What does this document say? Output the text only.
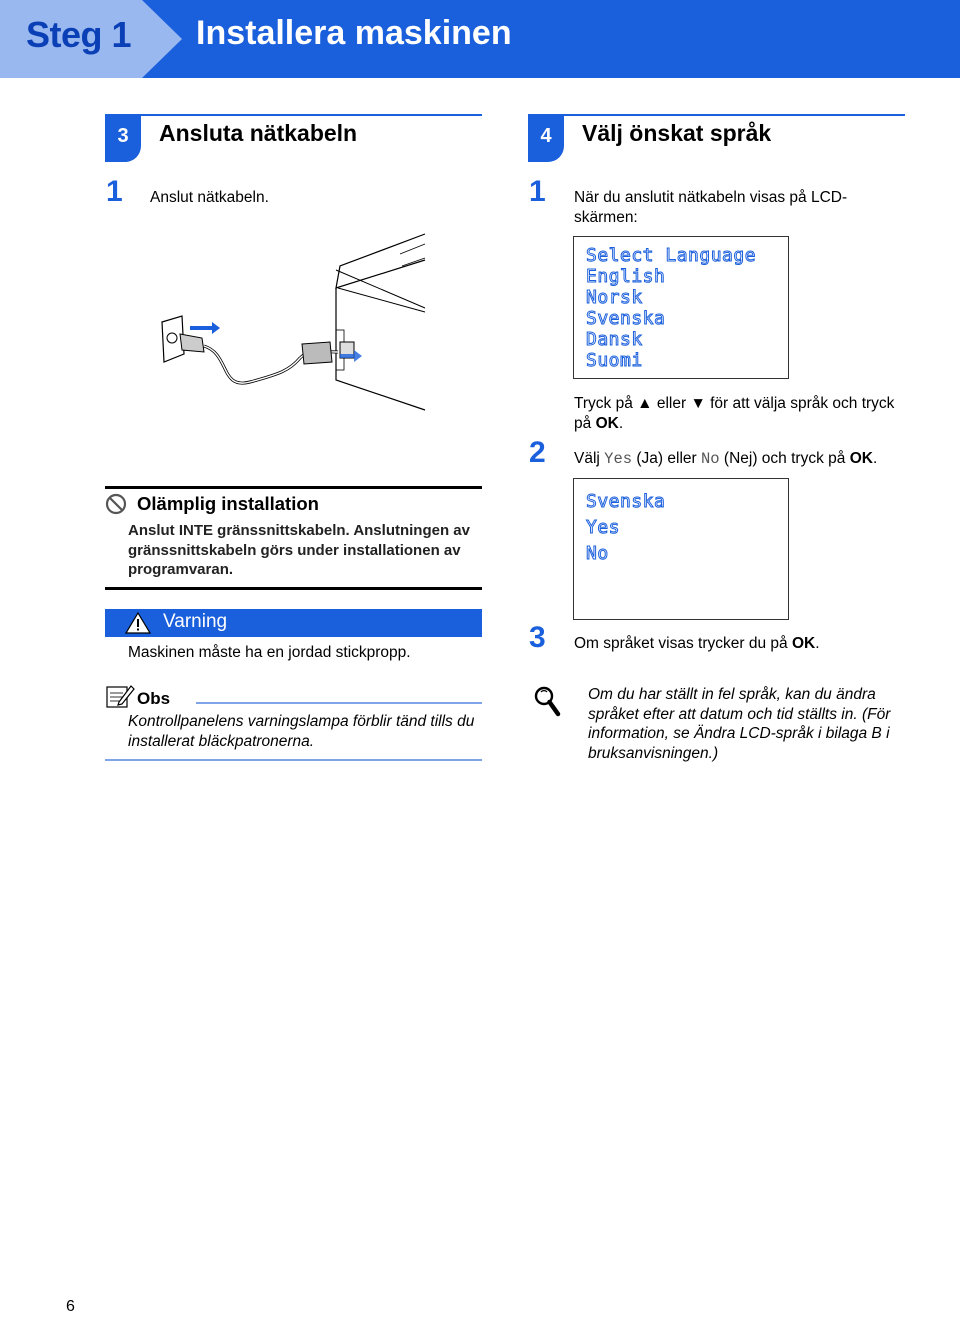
Steg 1 Installera maskinen
3	Ansluta nätkabeln
1 Anslut nätkabeln.
Olämplig installation
Anslut INTE gränssnittskabeln. Anslutningen av gränssnittskabeln görs under installationen av programvaran.
Varning
Maskinen måste ha en jordad stickpropp.
Obs
Kontrollpanelens varningslampa förblir tänd tills du installerat bläckpatronerna.
4	Välj önskat språk
1 När du anslutit nätkabeln visas på LCD-skärmen:
Select Language
English
Norsk
Svenska
Dansk
Suomi
Tryck på ▲ eller ▼ för att välja språk och tryck på OK.
2 Välj Yes (Ja) eller No (Nej) och tryck på OK.
Svenska
Yes
No
3 Om språket visas trycker du på OK.
Om du har ställt in fel språk, kan du ändra språket efter att datum och tid ställts in. (För information, se Ändra LCD-språk i bilaga B i bruksanvisningen.)
6
